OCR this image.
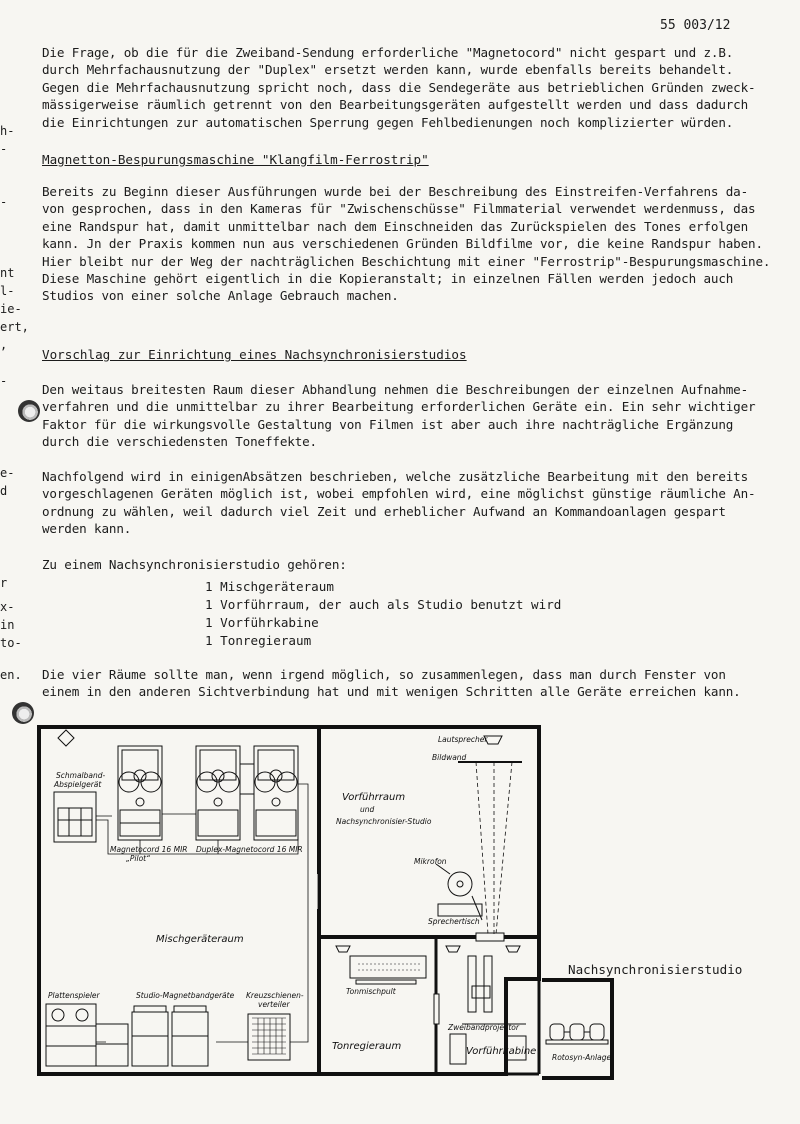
55 003/12
h-
-
-
nt
l-
ie-
ert,
,
-
e-
d
r
x-
in
to-
en.
Die Frage, ob die für die Zweiband-Sendung erforderliche "Magnetocord" nicht gespart und z.B.
durch Mehrfachausnutzung der "Duplex" ersetzt werden kann, wurde ebenfalls bereits behandelt.
Gegen die Mehrfachausnutzung spricht noch, dass die Sendegeräte aus betrieblichen Gründen zweck-
mässigerweise räumlich getrennt von den Bearbeitungsgeräten aufgestellt werden und dass dadurch
die Einrichtungen zur automatischen Sperrung gegen Fehlbedienungen noch komplizierter würden.
Magnetton-Bespurungsmaschine "Klangfilm-Ferrostrip"
Bereits zu Beginn dieser Ausführungen wurde bei der Beschreibung des Einstreifen-Verfahrens da-
von gesprochen, dass in den Kameras für "Zwischenschüsse" Filmmaterial verwendet werdenmuss, das
eine Randspur hat, damit unmittelbar nach dem Einschneiden das Zurückspielen des Tones erfolgen
kann. Jn der Praxis kommen nun aus verschiedenen Gründen Bildfilme vor, die keine Randspur haben.
Hier bleibt nur der Weg der nachträglichen Beschichtung mit einer "Ferrostrip"-Bespurungsmaschine.
Diese Maschine gehört eigentlich in die Kopieranstalt; in einzelnen Fällen werden jedoch auch
Studios von einer solche Anlage Gebrauch machen.
Vorschlag zur Einrichtung eines Nachsynchronisierstudios
Den weitaus breitesten Raum dieser Abhandlung nehmen die Beschreibungen der einzelnen Aufnahme-
verfahren und die unmittelbar zu ihrer Bearbeitung erforderlichen Geräte ein. Ein sehr wichtiger
Faktor für die wirkungsvolle Gestaltung von Filmen ist aber auch ihre nachträgliche Ergänzung
durch die verschiedensten Toneffekte.
Nachfolgend wird in einigenAbsätzen beschrieben, welche zusätzliche Bearbeitung mit den bereits
vorgeschlagenen Geräten möglich ist, wobei empfohlen wird, eine möglichst günstige räumliche An-
ordnung zu wählen, weil dadurch viel Zeit und erheblicher Aufwand an Kommandoanlagen gespart
werden kann.
Zu einem Nachsynchronisierstudio gehören:
1 Mischgeräteraum
1 Vorführraum, der auch als Studio benutzt wird
1 Vorführkabine
1 Tonregieraum
Die vier Räume sollte man, wenn irgend möglich, so zusammenlegen, dass man durch Fenster von
einem in den anderen Sichtverbindung hat und mit wenigen Schritten alle Geräte erreichen kann.
Schmalband-
Abspielgerät
Magnetocord 16 MIR
„Pilot“
Duplex-Magnetocord 16 MIR
Lautsprecher
Bildwand
Mikrofon
Sprechertisch
Plattenspieler	Studio-Magnetbandgeräte Kreuzschienen-
verteiler
Tonmischpult
Zweibandprojektor
Mischgeräteraum
Vorführraum
und
Nachsynchronisier-Studio
Tonregieraum	Vorführkabine
Rotosyn-Anlage
Nachsynchronisierstudio
